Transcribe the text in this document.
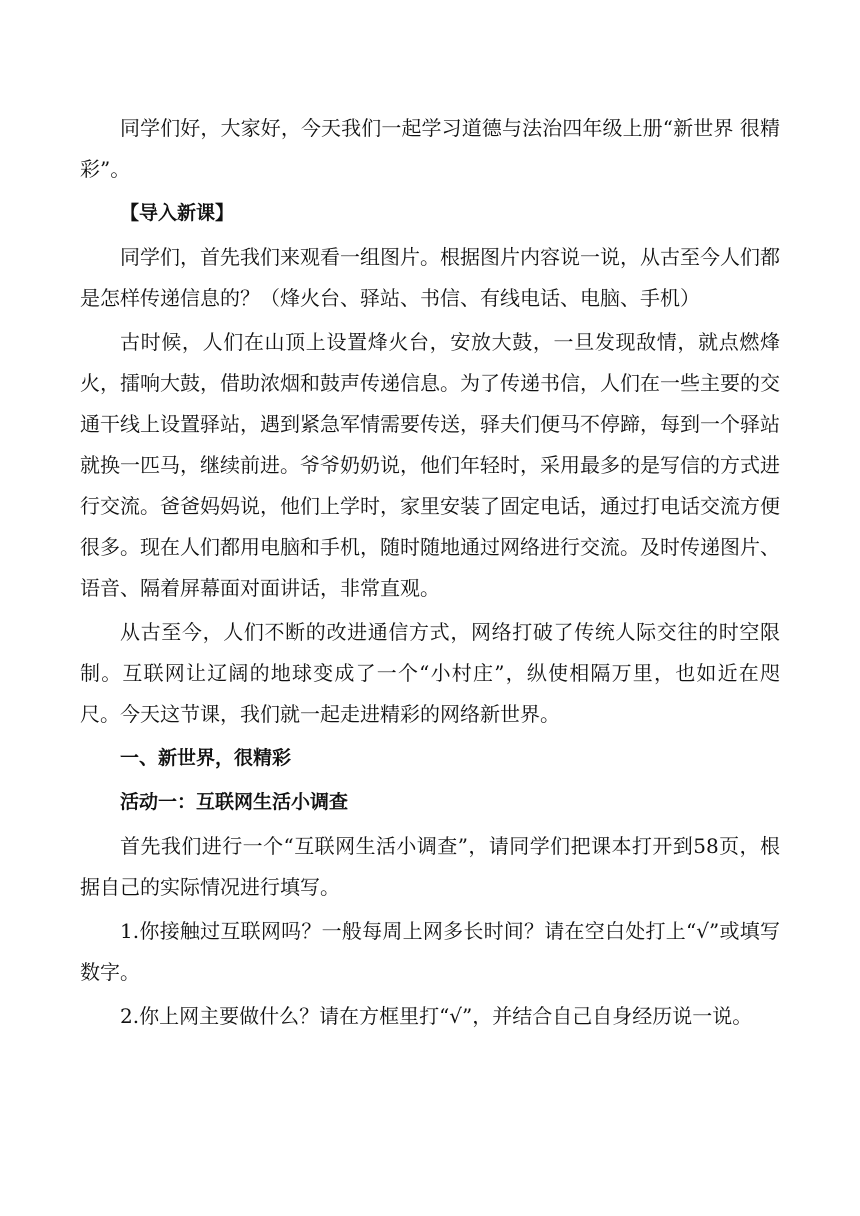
同学们好，大家好，今天我们一起学习道德与法治四年级上册“新世界 很精彩”。

【导入新课】

同学们，首先我们来观看一组图片。根据图片内容说一说，从古至今人们都是怎样传递信息的？（烽火台、驿站、书信、有线电话、电脑、手机）

古时候，人们在山顶上设置烽火台，安放大鼓，一旦发现敌情，就点燃烽火，擂响大鼓，借助浓烟和鼓声传递信息。为了传递书信，人们在一些主要的交通干线上设置驿站，遇到紧急军情需要传送，驿夫们便马不停蹄，每到一个驿站就换一匹马，继续前进。爷爷奶奶说，他们年轻时，采用最多的是写信的方式进行交流。爸爸妈妈说，他们上学时，家里安装了固定电话，通过打电话交流方便很多。现在人们都用电脑和手机，随时随地通过网络进行交流。及时传递图片、语音、隔着屏幕面对面讲话，非常直观。

从古至今，人们不断的改进通信方式，网络打破了传统人际交往的时空限制。互联网让辽阔的地球变成了一个“小村庄”，纵使相隔万里，也如近在咫尺。今天这节课，我们就一起走进精彩的网络新世界。

一、新世界，很精彩

活动一：互联网生活小调查

首先我们进行一个“互联网生活小调查”，请同学们把课本打开到58页，根据自己的实际情况进行填写。

1.你接触过互联网吗？一般每周上网多长时间？请在空白处打上“√”或填写数字。

2.你上网主要做什么？请在方框里打“√”，并结合自己自身经历说一说。
